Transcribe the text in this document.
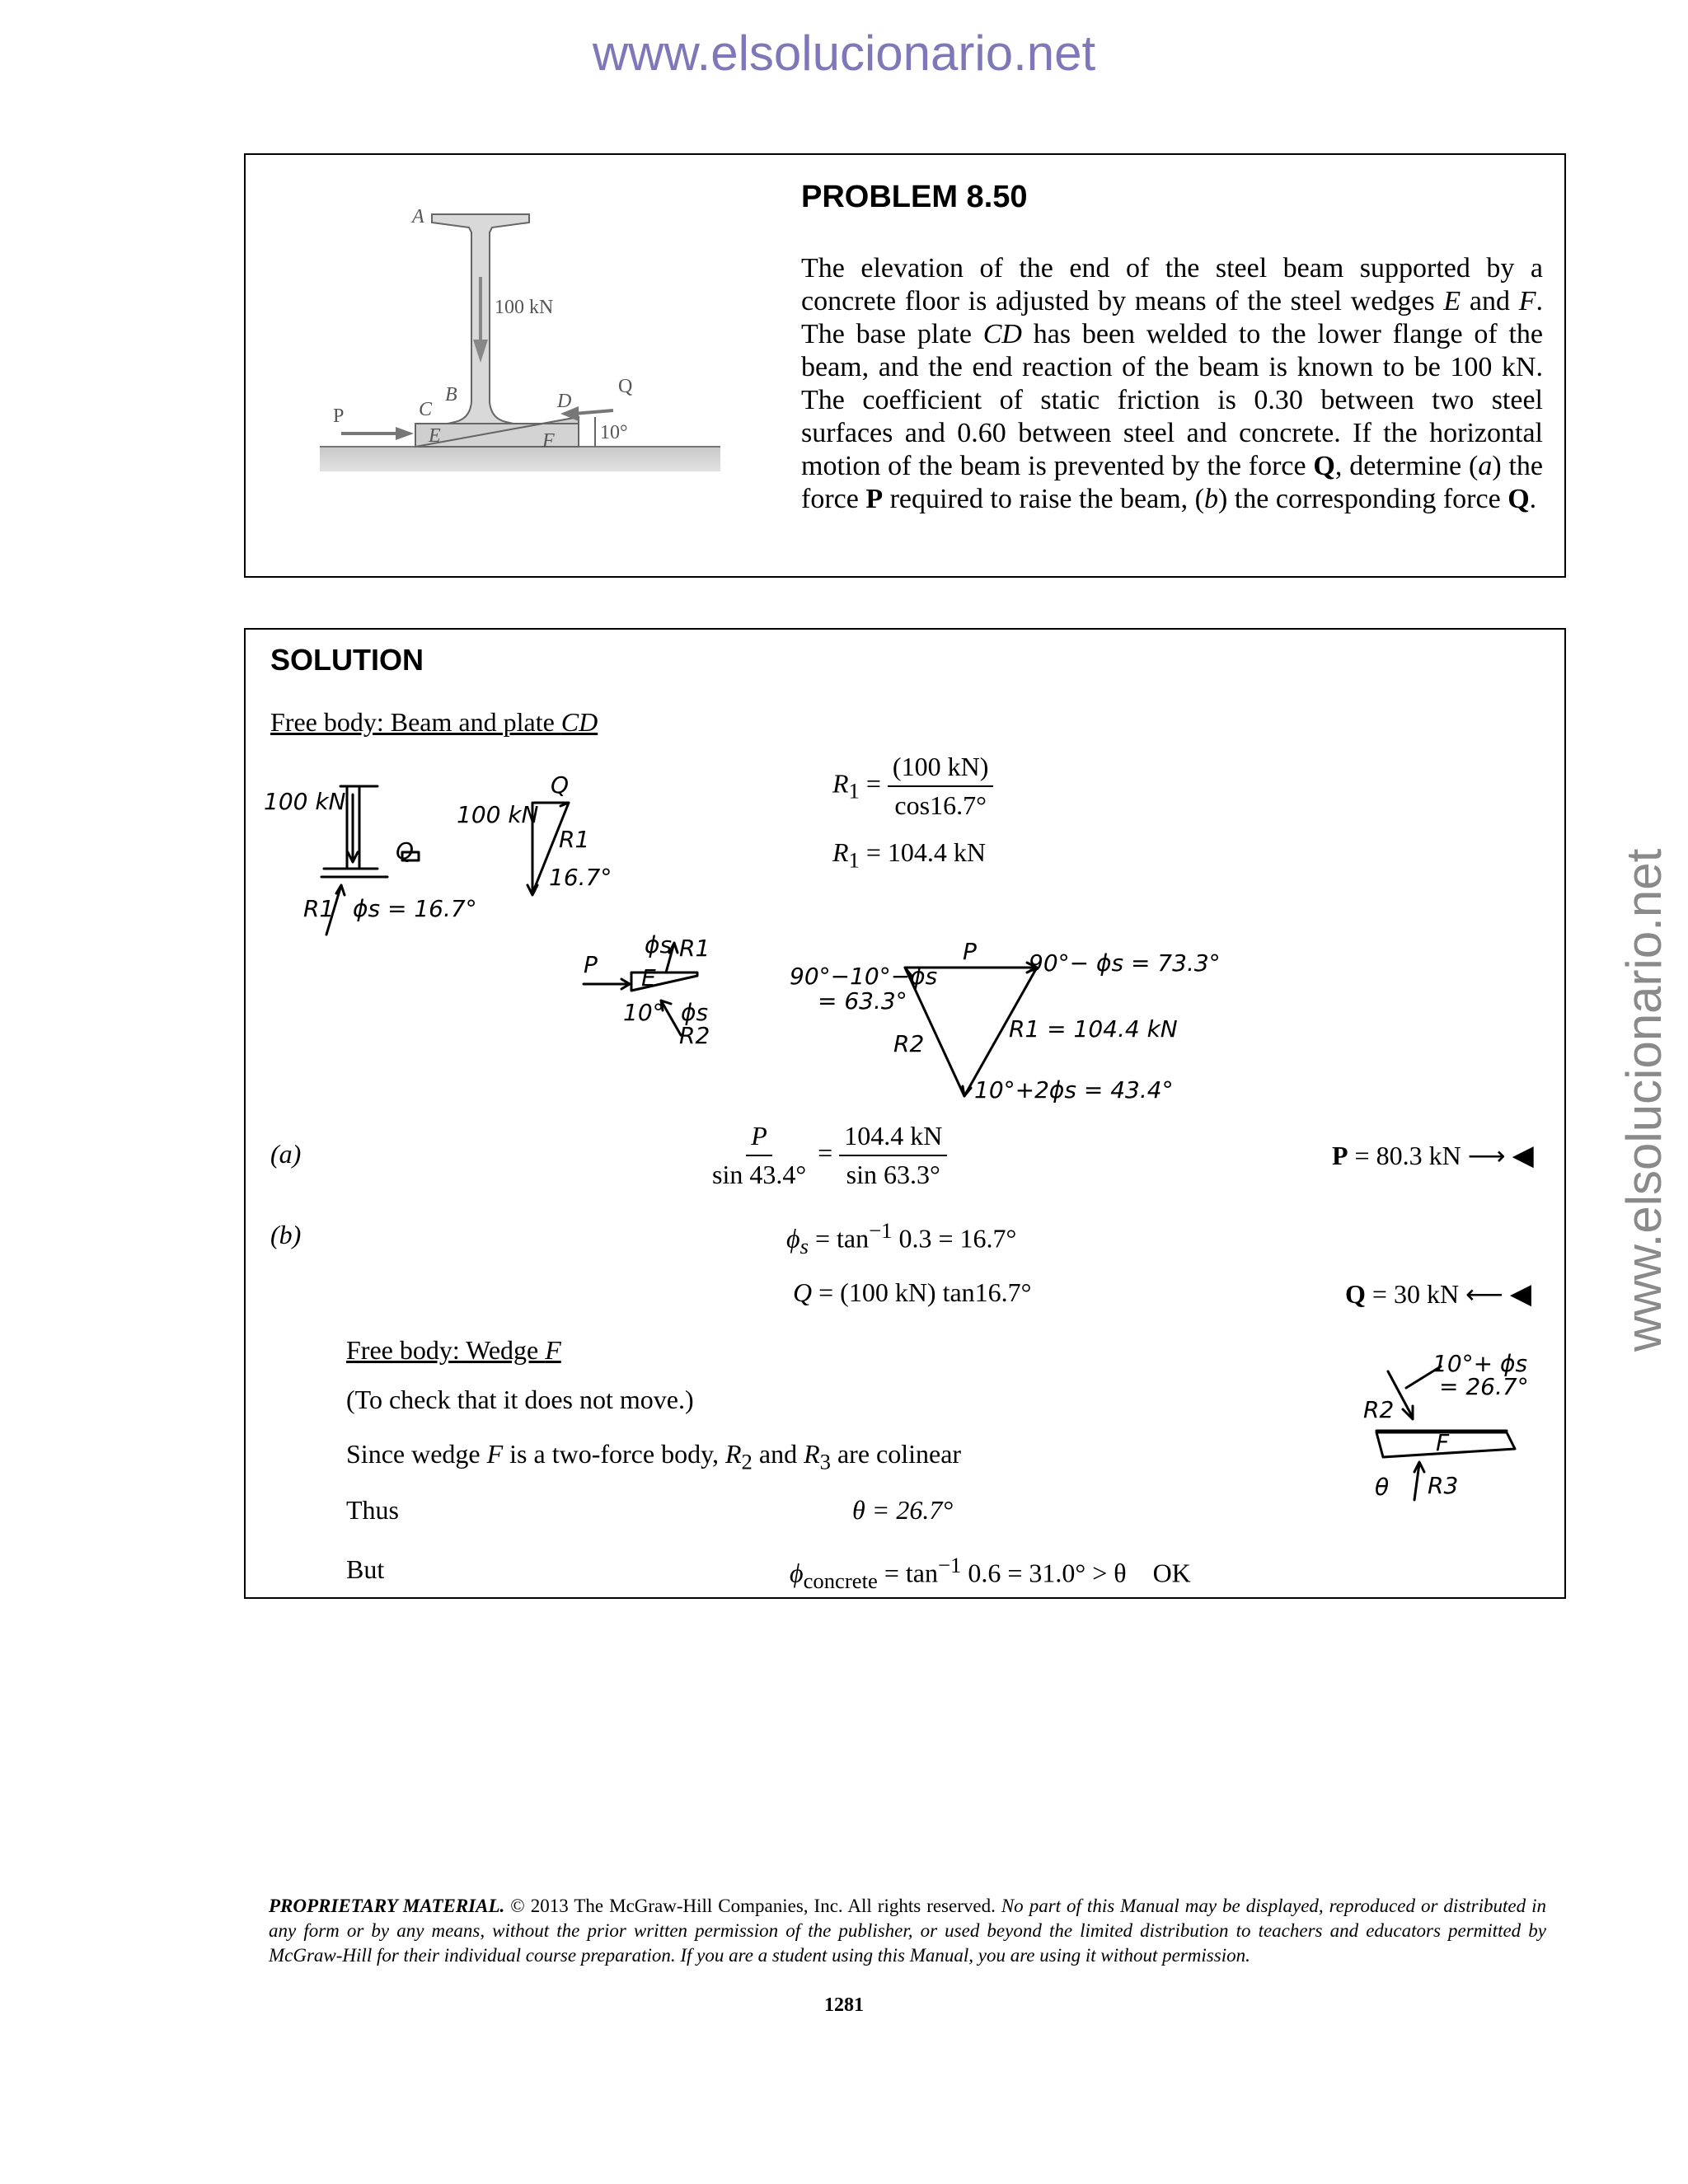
www.elsolucionario.net
www.elsolucionario.net
100 kN
P
A
B
C	D
E	F
Q
10°
PROBLEM 8.50
The elevation of the end of the steel beam supported by a concrete floor is adjusted by means of the steel wedges E and F. The base plate CD has been welded to the lower flange of the beam, and the end reaction of the beam is known to be 100 kN. The coefficient of static friction is 0.30 between two steel surfaces and 0.60 between steel and concrete. If the horizontal motion of the beam is prevented by the force Q, determine (a) the force P required to raise the beam, (b) the corresponding force Q.
SOLUTION
Free body: Beam and plate CD
100 kN
Q
R1 ϕs = 16.7°
100 kN
Q
R1
16.7°
$R_1 = \frac{(100 kN)}{\cos 16.7^\circ}$
$R_1 = 104.4$ kN
P E
ϕs R1
10° ϕs
R2
P
90°−10°−ϕs
= 63.3°
90°− ϕs = 73.3°
R1 = 104.4 kN
R2
10°+2ϕs = 43.4°
(a)	$\frac{P}{\sin 43.4^\circ} = \frac{104.4 kN}{\sin 63.3^\circ}$	P = 80.3 kN ⟶ ◀
(b)	$\phi_s = \tan^{-1} 0.3 = 16.7^\circ$
Q = (100 kN) tan16.7°	Q = 30 kN ⟵ ◀
Free body: Wedge F
(To check that it does not move.)
Since wedge F is a two-force body, $R_2$ and $R_3$ are colinear
Thus	θ = 26.7°
But	$\phi_{concrete} = \tan^{-1} 0.6 = 31.0^\circ > \theta$ OK
10°+ ϕs
= 26.7°
R2
F
θ R3
PROPRIETARY MATERIAL. © 2013 The McGraw-Hill Companies, Inc. All rights reserved. No part of this Manual may be displayed, reproduced or distributed in any form or by any means, without the prior written permission of the publisher, or used beyond the limited distribution to teachers and educators permitted by McGraw-Hill for their individual course preparation. If you are a student using this Manual, you are using it without permission.
1281
